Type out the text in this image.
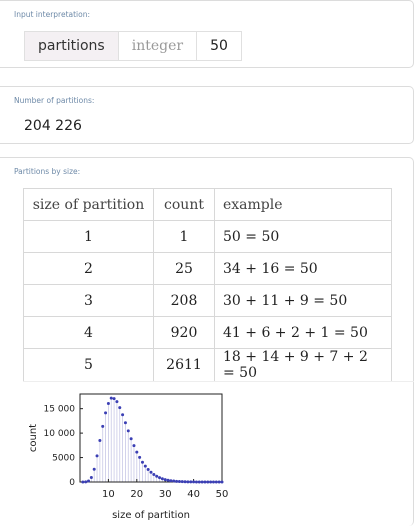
Input interpretation:
partitions	integer	50
Number of partitions:
204 226
Partitions by size:
size of partition	count	example
1	1	50 = 50
2	25	34 + 16 = 50
3	208	30 + 11 + 9 = 50
4	920	41 + 6 + 2 + 1 = 50
5	2611	18 + 14 + 9 + 7 + 2 = 50
10 20 30 40 50
0
5000
10 000
15 000
size of partition
count
